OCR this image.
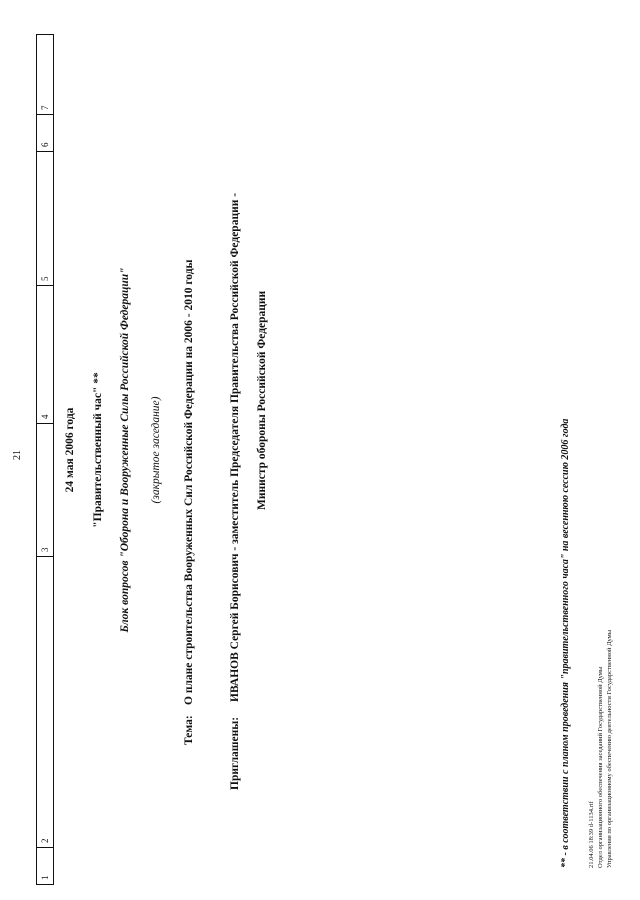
21
1
2
3
4
5
6
7
24 мая 2006 года "Правительственный час" ** Блок вопросов "Оборона и Вооруженные Силы Российской Федерации" (закрытое заседание)
Тема:
О плане строительства Вооруженных Сил Российской Федерации на 2006 - 2010 годы
Приглашены:
ИВАНОВ Сергей Борисович - заместитель Председателя Правительства Российской Федерации - Министр обороны Российской Федерации
** - в соответствии с планом проведения "правительственного часа" на весеннюю сессию 2006 года	21.04.06 18:39 d-1134.rtf Отдел организационного обеспечения заседаний Государственной Думы Управления по организационному обеспечению деятельности Государственной Думы
